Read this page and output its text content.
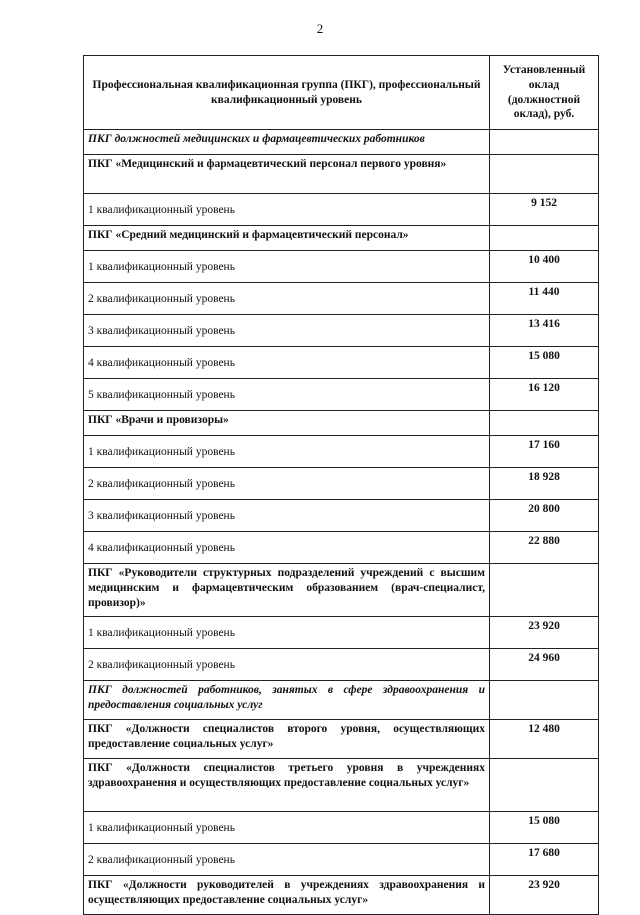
2
Профессиональная квалификационная группа (ПКГ), профессиональный квалификационный уровень	Установленный оклад (должностной оклад), руб.
ПКГ должностей медицинских и фармацевтических работников	
ПКГ «Медицинский и фармацевтический персонал первого уровня»	
1 квалификационный уровень	9 152
ПКГ «Средний медицинский и фармацевтический персонал»	
1 квалификационный уровень	10 400
2 квалификационный уровень	11 440
3 квалификационный уровень	13 416
4 квалификационный уровень	15 080
5 квалификационный уровень	16 120
ПКГ «Врачи и провизоры»	
1 квалификационный уровень	17 160
2 квалификационный уровень	18 928
3 квалификационный уровень	20 800
4 квалификационный уровень	22 880
ПКГ «Руководители структурных подразделений учреждений с высшим медицинским и фармацевтическим образованием (врач-специалист, провизор)»	
1 квалификационный уровень	23 920
2 квалификационный уровень	24 960
ПКГ должностей работников, занятых в сфере здравоохранения и предоставления социальных услуг	
ПКГ «Должности специалистов второго уровня, осуществляющих предоставление социальных услуг»	12 480
ПКГ «Должности специалистов третьего уровня в учреждениях здравоохранения и осуществляющих предоставление социальных услуг»	
1 квалификационный уровень	15 080
2 квалификационный уровень	17 680
ПКГ «Должности руководителей в учреждениях здравоохранения и осуществляющих предоставление социальных услуг»	23 920
